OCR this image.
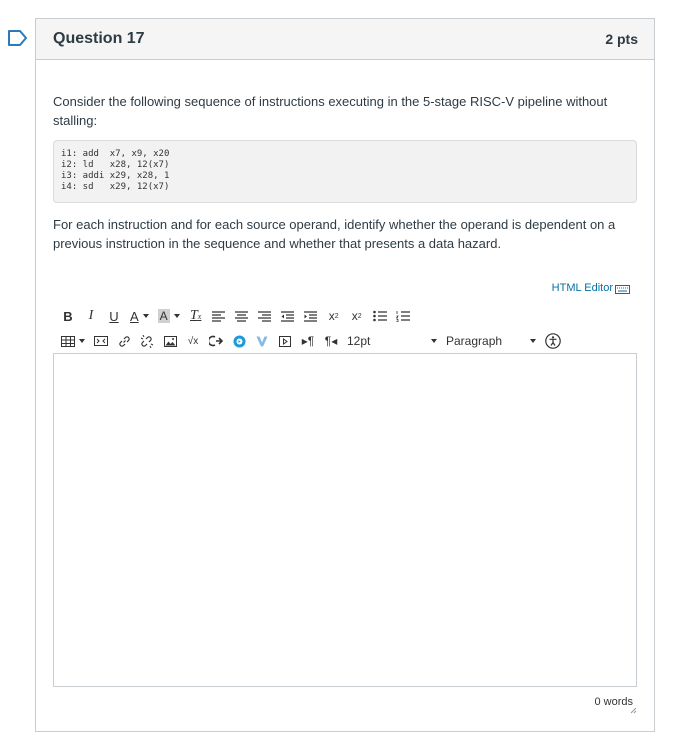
Question 17	2 pts
Consider the following sequence of instructions executing in the 5-stage RISC-V pipeline without stalling:
i1: add  x7, x9, x20
i2: ld   x28, 12(x7)
i3: addi x29, x28, 1
i4: sd   x29, 12(x7)
For each instruction and for each source operand, identify whether the operand is dependent on a previous instruction in the sequence and whether that presents a data hazard.
HTML Editor
B	I	U A	A T x	x 2 x 2
√x	▸¶ ¶◂ 12pt	Paragraph
0 words
